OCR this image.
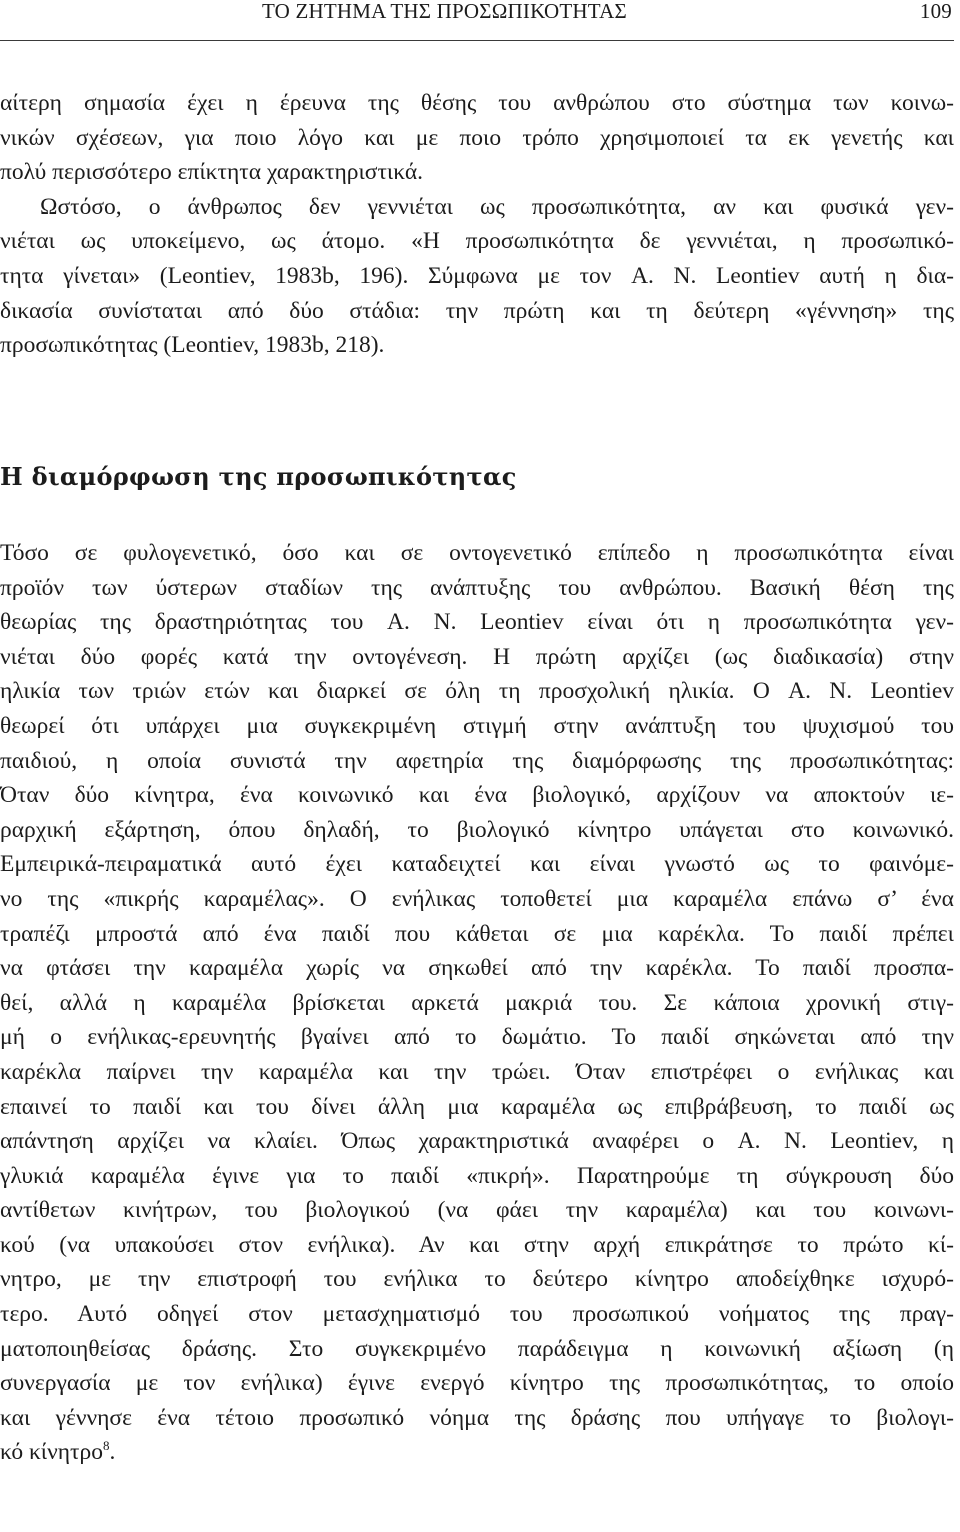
ΤΟ ΖΗΤΗΜΑ ΤΗΣ ΠΡΟΣΩΠΙΚΟΤΗΤΑΣ	109

αίτερη σημασία έχει η έρευνα της θέσης του ανθρώπου στο σύστημα των κοινω-
νικών σχέσεων, για ποιο λόγο και με ποιο τρόπο χρησιμοποιεί τα εκ γενετής και
πολύ περισσότερο επίκτητα χαρακτηριστικά.
Ωστόσο, ο άνθρωπος δεν γεννιέται ως προσωπικότητα, αν και φυσικά γεν-
νιέται ως υποκείμενο, ως άτομο. «Η προσωπικότητα δε γεννιέται, η προσωπικό-
τητα γίνεται» (Leontiev, 1983b, 196). Σύμφωνα με τον A. N. Leontiev αυτή η δια-
δικασία συνίσταται από δύο στάδια: την πρώτη και τη δεύτερη «γέννηση» της
προσωπικότητας (Leontiev, 1983b, 218).

Η διαμόρφωση της προσωπικότητας

Τόσο σε φυλογενετικό, όσο και σε οντογενετικό επίπεδο η προσωπικότητα είναι
προϊόν των ύστερων σταδίων της ανάπτυξης του ανθρώπου. Βασική θέση της
θεωρίας της δραστηριότητας του A. N. Leontiev είναι ότι η προσωπικότητα γεν-
νιέται δύο φορές κατά την οντογένεση. Η πρώτη αρχίζει (ως διαδικασία) στην
ηλικία των τριών ετών και διαρκεί σε όλη τη προσχολική ηλικία. Ο A. N. Leontiev
θεωρεί ότι υπάρχει μια συγκεκριμένη στιγμή στην ανάπτυξη του ψυχισμού του
παιδιού, η οποία συνιστά την αφετηρία της διαμόρφωσης της προσωπικότητας:
Όταν δύο κίνητρα, ένα κοινωνικό και ένα βιολογικό, αρχίζουν να αποκτούν ιε-
ραρχική εξάρτηση, όπου δηλαδή, το βιολογικό κίνητρο υπάγεται στο κοινωνικό.
Εμπειρικά-πειραματικά αυτό έχει καταδειχτεί και είναι γνωστό ως το φαινόμε-
νο της «πικρής καραμέλας». Ο ενήλικας τοποθετεί μια καραμέλα επάνω σ’ ένα
τραπέζι μπροστά από ένα παιδί που κάθεται σε μια καρέκλα. Το παιδί πρέπει
να φτάσει την καραμέλα χωρίς να σηκωθεί από την καρέκλα. Το παιδί προσπα-
θεί, αλλά η καραμέλα βρίσκεται αρκετά μακριά του. Σε κάποια χρονική στιγ-
μή ο ενήλικας-ερευνητής βγαίνει από το δωμάτιο. Το παιδί σηκώνεται από την
καρέκλα παίρνει την καραμέλα και την τρώει. Όταν επιστρέφει ο ενήλικας και
επαινεί το παιδί και του δίνει άλλη μια καραμέλα ως επιβράβευση, το παιδί ως
απάντηση αρχίζει να κλαίει. Όπως χαρακτηριστικά αναφέρει ο A. N. Leontiev, η
γλυκιά καραμέλα έγινε για το παιδί «πικρή». Παρατηρούμε τη σύγκρουση δύο
αντίθετων κινήτρων, του βιολογικού (να φάει την καραμέλα) και του κοινωνι-
κού (να υπακούσει στον ενήλικα). Αν και στην αρχή επικράτησε το πρώτο κί-
νητρο, με την επιστροφή του ενήλικα το δεύτερο κίνητρο αποδείχθηκε ισχυρό-
τερο. Αυτό οδηγεί στον μετασχηματισμό του προσωπικού νοήματος της πραγ-
ματοποιηθείσας δράσης. Στο συγκεκριμένο παράδειγμα η κοινωνική αξίωση (η
συνεργασία με τον ενήλικα) έγινε ενεργό κίνητρο της προσωπικότητας, το οποίο
και γέννησε ένα τέτοιο προσωπικό νόημα της δράσης που υπήγαγε το βιολογι-
κό κίνητρο$^8$.
